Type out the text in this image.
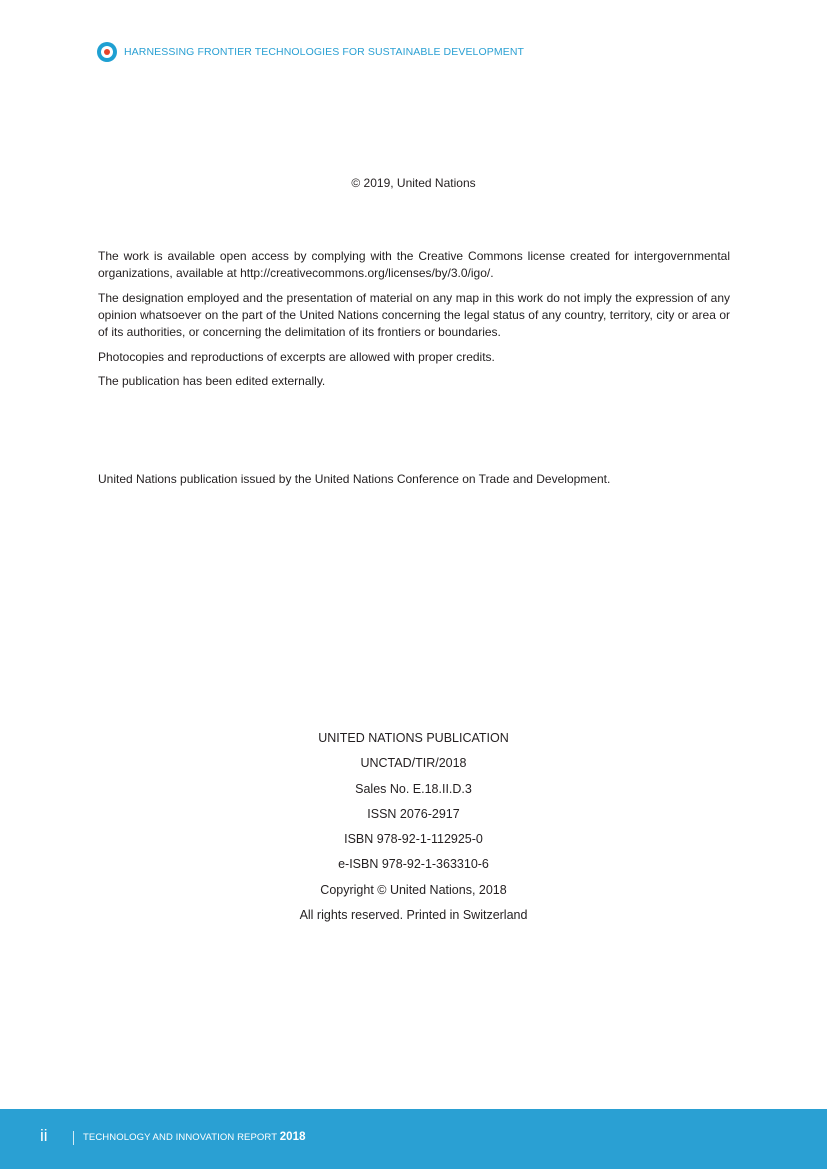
HARNESSING FRONTIER TECHNOLOGIES FOR SUSTAINABLE DEVELOPMENT
© 2019, United Nations

The work is available open access by complying with the Creative Commons license created for intergovernmental organizations, available at http://creativecommons.org/licenses/by/3.0/igo/.

The designation employed and the presentation of material on any map in this work do not imply the expression of any opinion whatsoever on the part of the United Nations concerning the legal status of any country, territory, city or area or of its authorities, or concerning the delimitation of its frontiers or boundaries.

Photocopies and reproductions of excerpts are allowed with proper credits.

The publication has been edited externally.

United Nations publication issued by the United Nations Conference on Trade and Development.

UNITED NATIONS PUBLICATION
UNCTAD/TIR/2018
Sales No. E.18.II.D.3
ISSN 2076-2917
ISBN 978-92-1-112925-0
e-ISBN 978-92-1-363310-6
Copyright © United Nations, 2018
All rights reserved. Printed in Switzerland
ii	TECHNOLOGY AND INNOVATION REPORT 2018
